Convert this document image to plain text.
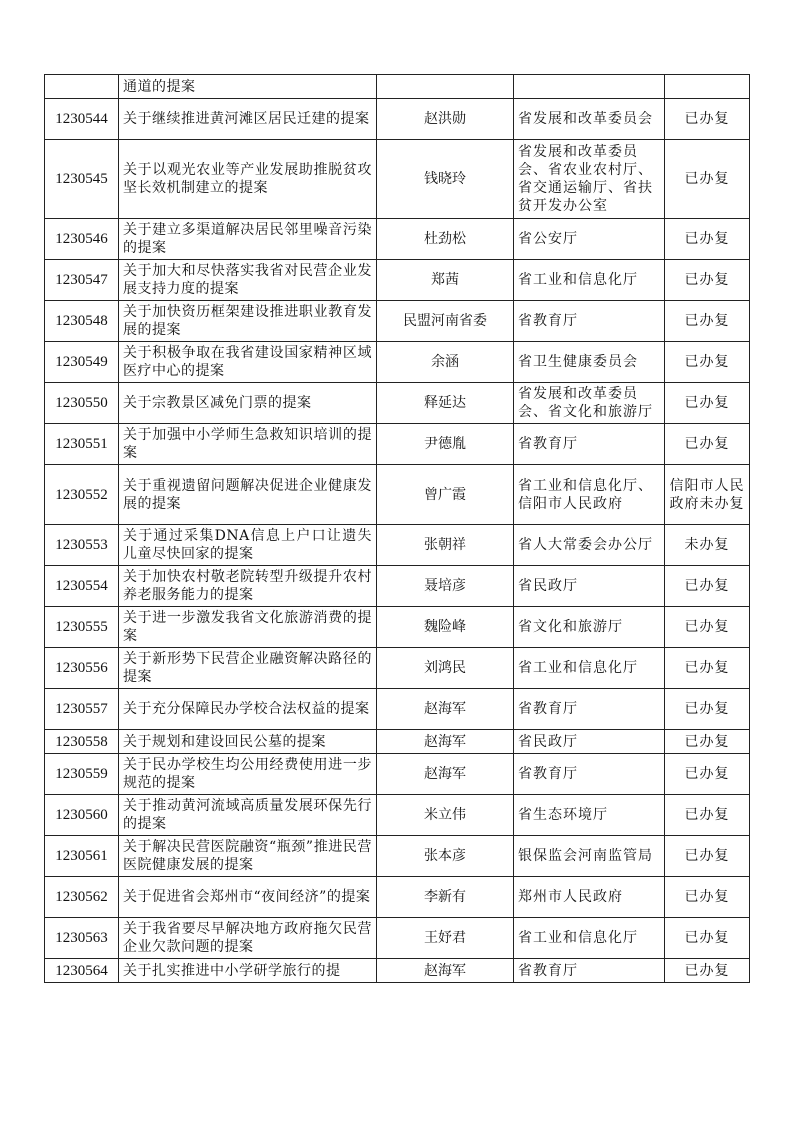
	通道的提案			
1230544	关于继续推进黄河滩区居民迁建的提案	赵洪勋	省发展和改革委员会	已办复
1230545	关于以观光农业等产业发展助推脱贫攻坚长效机制建立的提案	钱晓玲	省发展和改革委员会、省农业农村厅、省交通运输厅、省扶贫开发办公室	已办复
1230546	关于建立多渠道解决居民邻里噪音污染的提案	杜劲松	省公安厅	已办复
1230547	关于加大和尽快落实我省对民营企业发展支持力度的提案	郑茜	省工业和信息化厅	已办复
1230548	关于加快资历框架建设推进职业教育发展的提案	民盟河南省委	省教育厅	已办复
1230549	关于积极争取在我省建设国家精神区域医疗中心的提案	余涵	省卫生健康委员会	已办复
1230550	关于宗教景区减免门票的提案	释延达	省发展和改革委员会、省文化和旅游厅	已办复
1230551	关于加强中小学师生急救知识培训的提案	尹德胤	省教育厅	已办复
1230552	关于重视遗留问题解决促进企业健康发展的提案	曾广霞	省工业和信息化厅、信阳市人民政府	信阳市人民政府未办复
1230553	关于通过采集DNA信息上户口让遗失儿童尽快回家的提案	张朝祥	省人大常委会办公厅	未办复
1230554	关于加快农村敬老院转型升级提升农村养老服务能力的提案	聂培彦	省民政厅	已办复
1230555	关于进一步激发我省文化旅游消费的提案	魏险峰	省文化和旅游厅	已办复
1230556	关于新形势下民营企业融资解决路径的提案	刘鸿民	省工业和信息化厅	已办复
1230557	关于充分保障民办学校合法权益的提案	赵海军	省教育厅	已办复
1230558	关于规划和建设回民公墓的提案	赵海军	省民政厅	已办复
1230559	关于民办学校生均公用经费使用进一步规范的提案	赵海军	省教育厅	已办复
1230560	关于推动黄河流域高质量发展环保先行的提案	米立伟	省生态环境厅	已办复
1230561	关于解决民营医院融资“瓶颈”推进民营医院健康发展的提案	张本彦	银保监会河南监管局	已办复
1230562	关于促进省会郑州市“夜间经济”的提案	李新有	郑州市人民政府	已办复
1230563	关于我省要尽早解决地方政府拖欠民营企业欠款问题的提案	王妤君	省工业和信息化厅	已办复
1230564	关于扎实推进中小学研学旅行的提	赵海军	省教育厅	已办复
